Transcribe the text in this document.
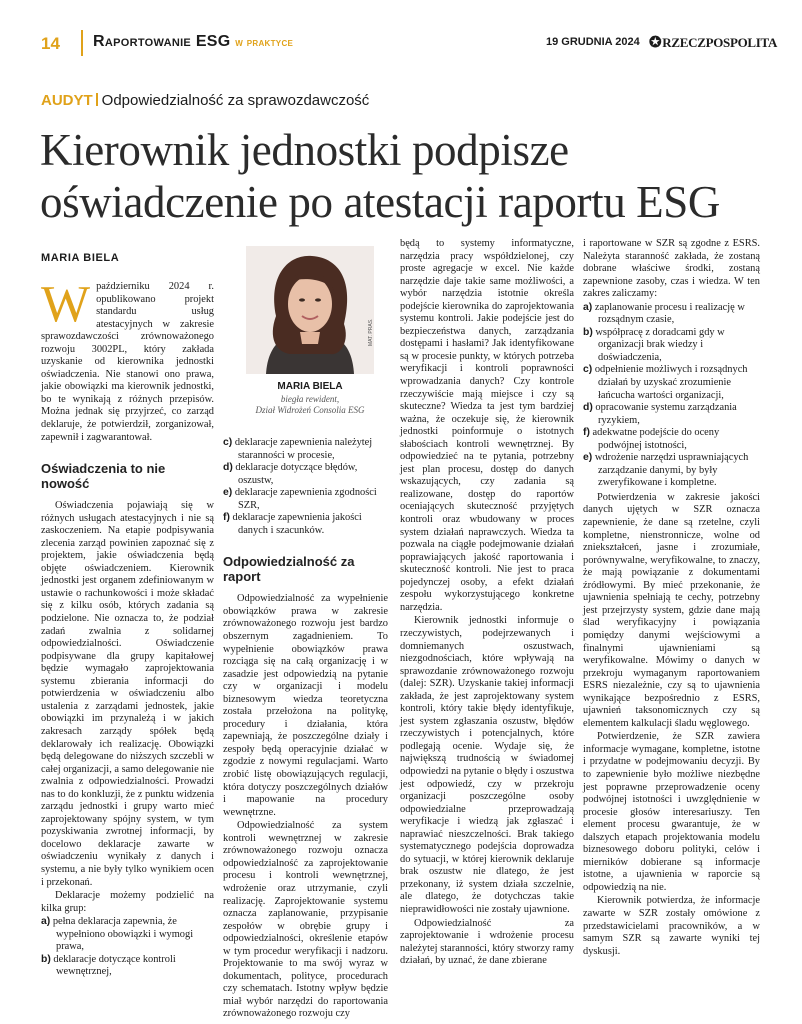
14 Raportowanie ESG w praktyce	19 GRUDNIA 2024 ✪RZECZPOSPOLITA
AUDYT Odpowiedzialność za sprawozdawczość
Kierownik jednostki podpisze oświadczenie po atestacji raportu ESG
MARIA BIELA
MAT. PRAS.
MARIA BIELA
biegła rewident,
Dział Widrożeń Consolia ESG
W październiku 2024 r. opublikowano projekt standardu usług atestacyjnych w zakresie sprawozdawczości zrównoważonego rozwoju 3002PL, który zakłada uzyskanie od kierownika jednostki oświadczenia. Nie stanowi ono prawa, jakie obowiązki ma kierownik jednostki, bo te wynikają z różnych przepisów. Można jednak się przyjrzeć, co zarząd deklaruje, że potwierdził, zorganizował, zapewnił i zagwarantował.

Oświadczenia to nie nowość

Oświadczenia pojawiają się w różnych usługach atestacyjnych i nie są zaskoczeniem. Na etapie podpisywania zlecenia zarząd powinien zapoznać się z projektem, jakie oświadczenia będą objęte oświadczeniem. Kierownik jednostki jest organem zdefiniowanym w ustawie o rachunkowości i może składać się z kilku osób, których zadania są podzielone. Nie oznacza to, że podział zadań zwalnia z solidarnej odpowiedzialności. Oświadczenie podpisywane dla grupy kapitałowej będzie wymagało zaprojektowania systemu zbierania informacji do potwierdzenia w oświadczeniu albo ustalenia z zarządami jednostek, jakie obowiązki im przynależą i w jakich zakresach zarządy spółek będą deklarowały ich realizację. Obowiązki będą delegowane do niższych szczebli w całej organizacji, a samo delegowanie nie zwalnia z odpowiedzialności. Prowadzi nas to do konkluzji, że z punktu widzenia zarządu jednostki i grupy warto mieć zaprojektowany spójny system, w tym pozyskiwania zwrotnej informacji, by docelowo deklaracje zawarte w oświadczeniu wynikały z danych i systemu, a nie były tylko wynikiem ocen i przekonań.

Deklaracje możemy podzielić na kilka grup:

a) pełna deklaracja zapewnia, że wypełniono obowiązki i wymogi prawa,
b) deklaracje dotyczące kontroli wewnętrznej,
c) deklaracje zapewnienia należytej staranności w procesie,
d) deklaracje dotyczące błędów, oszustw,
e) deklaracje zapewnienia zgodności SZR,
f) deklaracje zapewnienia jakości danych i szacunków.
Odpowiedzialność za raport

Odpowiedzialność za wypełnienie obowiązków prawa w zakresie zrównoważonego rozwoju jest bardzo obszernym zagadnieniem. To wypełnienie obowiązków prawa rozciąga się na całą organizację i w zasadzie jest odpowiedzią na pytanie czy w organizacji i modelu biznesowym wiedza teoretyczna została przełożona na politykę, procedury i działania, która zapewniają, że poszczególne działy i zespoły będą operacyjnie działać w zgodzie z nowymi regulacjami. Warto zrobić listę obowiązujących regulacji, która dotyczy poszczególnych działów i mapowanie na procedury wewnętrzne.

Odpowiedzialność za system kontroli wewnętrznej w zakresie zrównoważonego rozwoju oznacza odpowiedzialność za zaprojektowanie procesu i kontroli wewnętrznej, wdrożenie oraz utrzymanie, czyli realizację. Zaprojektowanie systemu oznacza zaplanowanie, przypisanie zespołów w obrębie grupy i odpowiedzialności, określenie etapów w tym procedur weryfikacji i nadzoru. Projektowanie to ma swój wyraz w dokumentach, polityce, procedurach czy schematach. Istotny wpływ będzie miał wybór narzędzi do raportowania zrównoważonego rozwoju czy

będą to systemy informatyczne, narzędzia pracy współdzielonej, czy proste agregacje w excel. Nie każde narzędzie daje takie same możliwości, a wybór narzędzia istotnie określa podejście kierownika do zaprojektowania systemu kontroli. Jakie podejście jest do bezpieczeństwa danych, zarządzania dostępami i hasłami? Jak identyfikowane są w procesie punkty, w których potrzeba weryfikacji i kontroli poprawności wprowadzania danych? Czy kontrole rzeczywiście mają miejsce i czy są skuteczne? Wiedza ta jest tym bardziej ważna, że oczekuje się, że kierownik jednostki poinformuje o istotnych słabościach kontroli wewnętrznej. By odpowiedzieć na te pytania, potrzebny jest plan procesu, dostęp do danych wskazujących, czy zadania są realizowane, dostęp do raportów oceniających skuteczność przyjętych kontroli oraz wbudowany w proces system działań naprawczych. Wiedza ta pozwala na ciągłe podejmowanie działań poprawiających jakość raportowania i skuteczność kontroli. Nie jest to praca pojedynczej osoby, a efekt działań zespołu wykorzystującego konkretne narzędzia.

Kierownik jednostki informuje o rzeczywistych, podejrzewanych i domniemanych oszustwach, niezgodnościach, które wpływają na sprawozdanie zrównoważonego rozwoju (dalej: SZR). Uzyskanie takiej informacji zakłada, że jest zaprojektowany system kontroli, który takie błędy identyfikuje, jest system zgłaszania oszustw, błędów rzeczywistych i potencjalnych, które podlegają ocenie. Wydaje się, że największą trudnością w świadomej odpowiedzi na pytanie o błędy i oszustwa jest odpowiedź, czy w przekroju organizacji poszczególne osoby odpowiedzialne przeprowadzają weryfikacje i wiedzą jak zgłaszać i naprawiać nieszczelności. Brak takiego systematycznego podejścia doprowadza do sytuacji, w której kierownik deklaruje brak oszustw nie dlatego, że jest przekonany, iż system działa szczelnie, ale dlatego, że dotychczas takie nieprawidłowości nie zostały ujawnione.

Odpowiedzialność za zaprojektowanie i wdrożenie procesu należytej staranności, który stworzy ramy działań, by uznać, że dane zbierane

i raportowane w SZR są zgodne z ESRS. Należyta staranność zakłada, że zostaną dobrane właściwe środki, zostaną zapewnione zasoby, czas i wiedza. W ten zakres zaliczamy:

a) zaplanowanie procesu i realizację w rozsądnym czasie,
b) współpracę z doradcami gdy w organizacji brak wiedzy i doświadczenia,
c) odpełnienie możliwych i rozsądnych działań by uzyskać zrozumienie łańcucha wartości organizacji,
d) opracowanie systemu zarządzania ryzykiem,
f) adekwatne podejście do oceny podwójnej istotności,
e) wdrożenie narzędzi usprawniających zarządzanie danymi, by były zweryfikowane i kompletne.

Potwierdzenia w zakresie jakości danych ujętych w SZR oznacza zapewnienie, że dane są rzetelne, czyli kompletne, nienstronnicze, wolne od zniekształceń, jasne i zrozumiałe, porównywalne, weryfikowalne, to znaczy, że mają powiązanie z dokumentami źródłowymi. By mieć przekonanie, że ujawnienia spełniają te cechy, potrzebny jest przejrzysty system, gdzie dane mają ślad weryfikacyjny i powiązania pomiędzy danymi wejściowymi a finalnymi ujawnieniami są weryfikowalne. Mówimy o danych w przekroju wymaganym raportowaniem ESRS niezależnie, czy są to ujawnienia wynikające bezpośrednio z ESRS, ujawnień taksonomicznych czy są elementem kalkulacji śladu węglowego.

Potwierdzenie, że SZR zawiera informacje wymagane, kompletne, istotne i przydatne w podejmowaniu decyzji. By to zapewnienie było możliwe niezbędne jest poprawne przeprowadzenie oceny podwójnej istotności i uwzględnienie w procesie głosów interesariuszy. Ten element procesu gwarantuje, że w dalszych etapach projektowania modelu biznesowego doboru polityki, celów i mierników dobierane są informacje istotne, a ujawnienia w raporcie są odpowiedzią na nie.

Kierownik potwierdza, że informacje zawarte w SZR zostały omówione z przedstawicielami pracowników, a w samym SZR są zawarte wyniki tej dyskusji.
